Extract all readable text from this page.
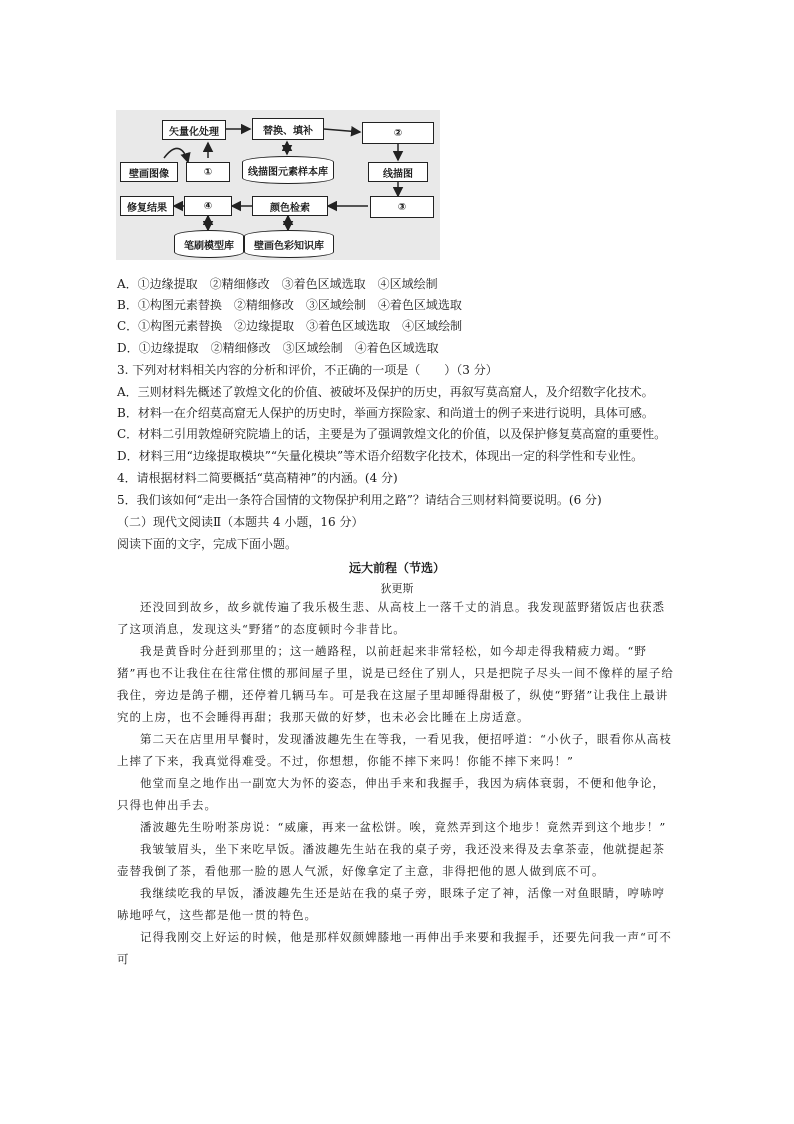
矢量化处理	替换、填补	②
壁画图像	①	线描图元素样本库	线描图
修复结果	④	颜色检索	③
笔刷模型库	壁画色彩知识库
A．①边缘提取　②精细修改　③着色区域选取　④区域绘制
B．①构图元素替换　②精细修改　③区域绘制　④着色区域选取
C．①构图元素替换　②边缘提取　③着色区域选取　④区域绘制
D．①边缘提取　②精细修改　③区域绘制　④着色区域选取
3. 下列对材料相关内容的分析和评价，不正确的一项是（　　）（3 分）
A．三则材料先概述了敦煌文化的价值、被破坏及保护的历史，再叙写莫高窟人，及介绍数字化技术。
B．材料一在介绍莫高窟无人保护的历史时，举画方探险家、和尚道士的例子来进行说明，具体可感。
C．材料二引用敦煌研究院墙上的话，主要是为了强调敦煌文化的价值，以及保护修复莫高窟的重要性。
D．材料三用“边缘提取模块”“矢量化模块”等术语介绍数字化技术，体现出一定的科学性和专业性。
4．请根据材料二简要概括“莫高精神”的内涵。(4 分)
5．我们该如何“走出一条符合国情的文物保护利用之路”？请结合三则材料简要说明。(6 分)
（二）现代文阅读Ⅱ（本题共 4 小题，16 分）
阅读下面的文字，完成下面小题。
远大前程（节选）
狄更斯
还没回到故乡，故乡就传遍了我乐极生悲、从高枝上一落千丈的消息。我发现蓝野猪饭店也获悉了这项消息，发现这头“野猪”的态度顿时今非昔比。
我是黄昏时分赶到那里的；这一趟路程，以前赶起来非常轻松，如今却走得我精疲力竭。“野猪”再也不让我住在往常住惯的那间屋子里，说是已经住了别人，只是把院子尽头一间不像样的屋子给我住，旁边是鸽子棚，还停着几辆马车。可是我在这屋子里却睡得甜极了，纵使“野猪”让我住上最讲究的上房，也不会睡得再甜；我那天做的好梦，也未必会比睡在上房适意。
第二天在店里用早餐时，发现潘波趣先生在等我，一看见我，便招呼道：“小伙子，眼看你从高枝上摔了下来，我真觉得难受。不过，你想想，你能不摔下来吗！你能不摔下来吗！”
他堂而皇之地作出一副宽大为怀的姿态，伸出手来和我握手，我因为病体衰弱，不便和他争论，只得也伸出手去。
潘波趣先生吩咐茶房说：“威廉，再来一盆松饼。唉，竟然弄到这个地步！竟然弄到这个地步！”
我皱皱眉头，坐下来吃早饭。潘波趣先生站在我的桌子旁，我还没来得及去拿茶壶，他就提起茶壶替我倒了茶，看他那一脸的恩人气派，好像拿定了主意，非得把他的恩人做到底不可。
我继续吃我的早饭，潘波趣先生还是站在我的桌子旁，眼珠子定了神，活像一对鱼眼睛，哼哧哼哧地呼气，这些都是他一贯的特色。
记得我刚交上好运的时候，他是那样奴颜婢膝地一再伸出手来要和我握手，还要先问我一声“可不可
